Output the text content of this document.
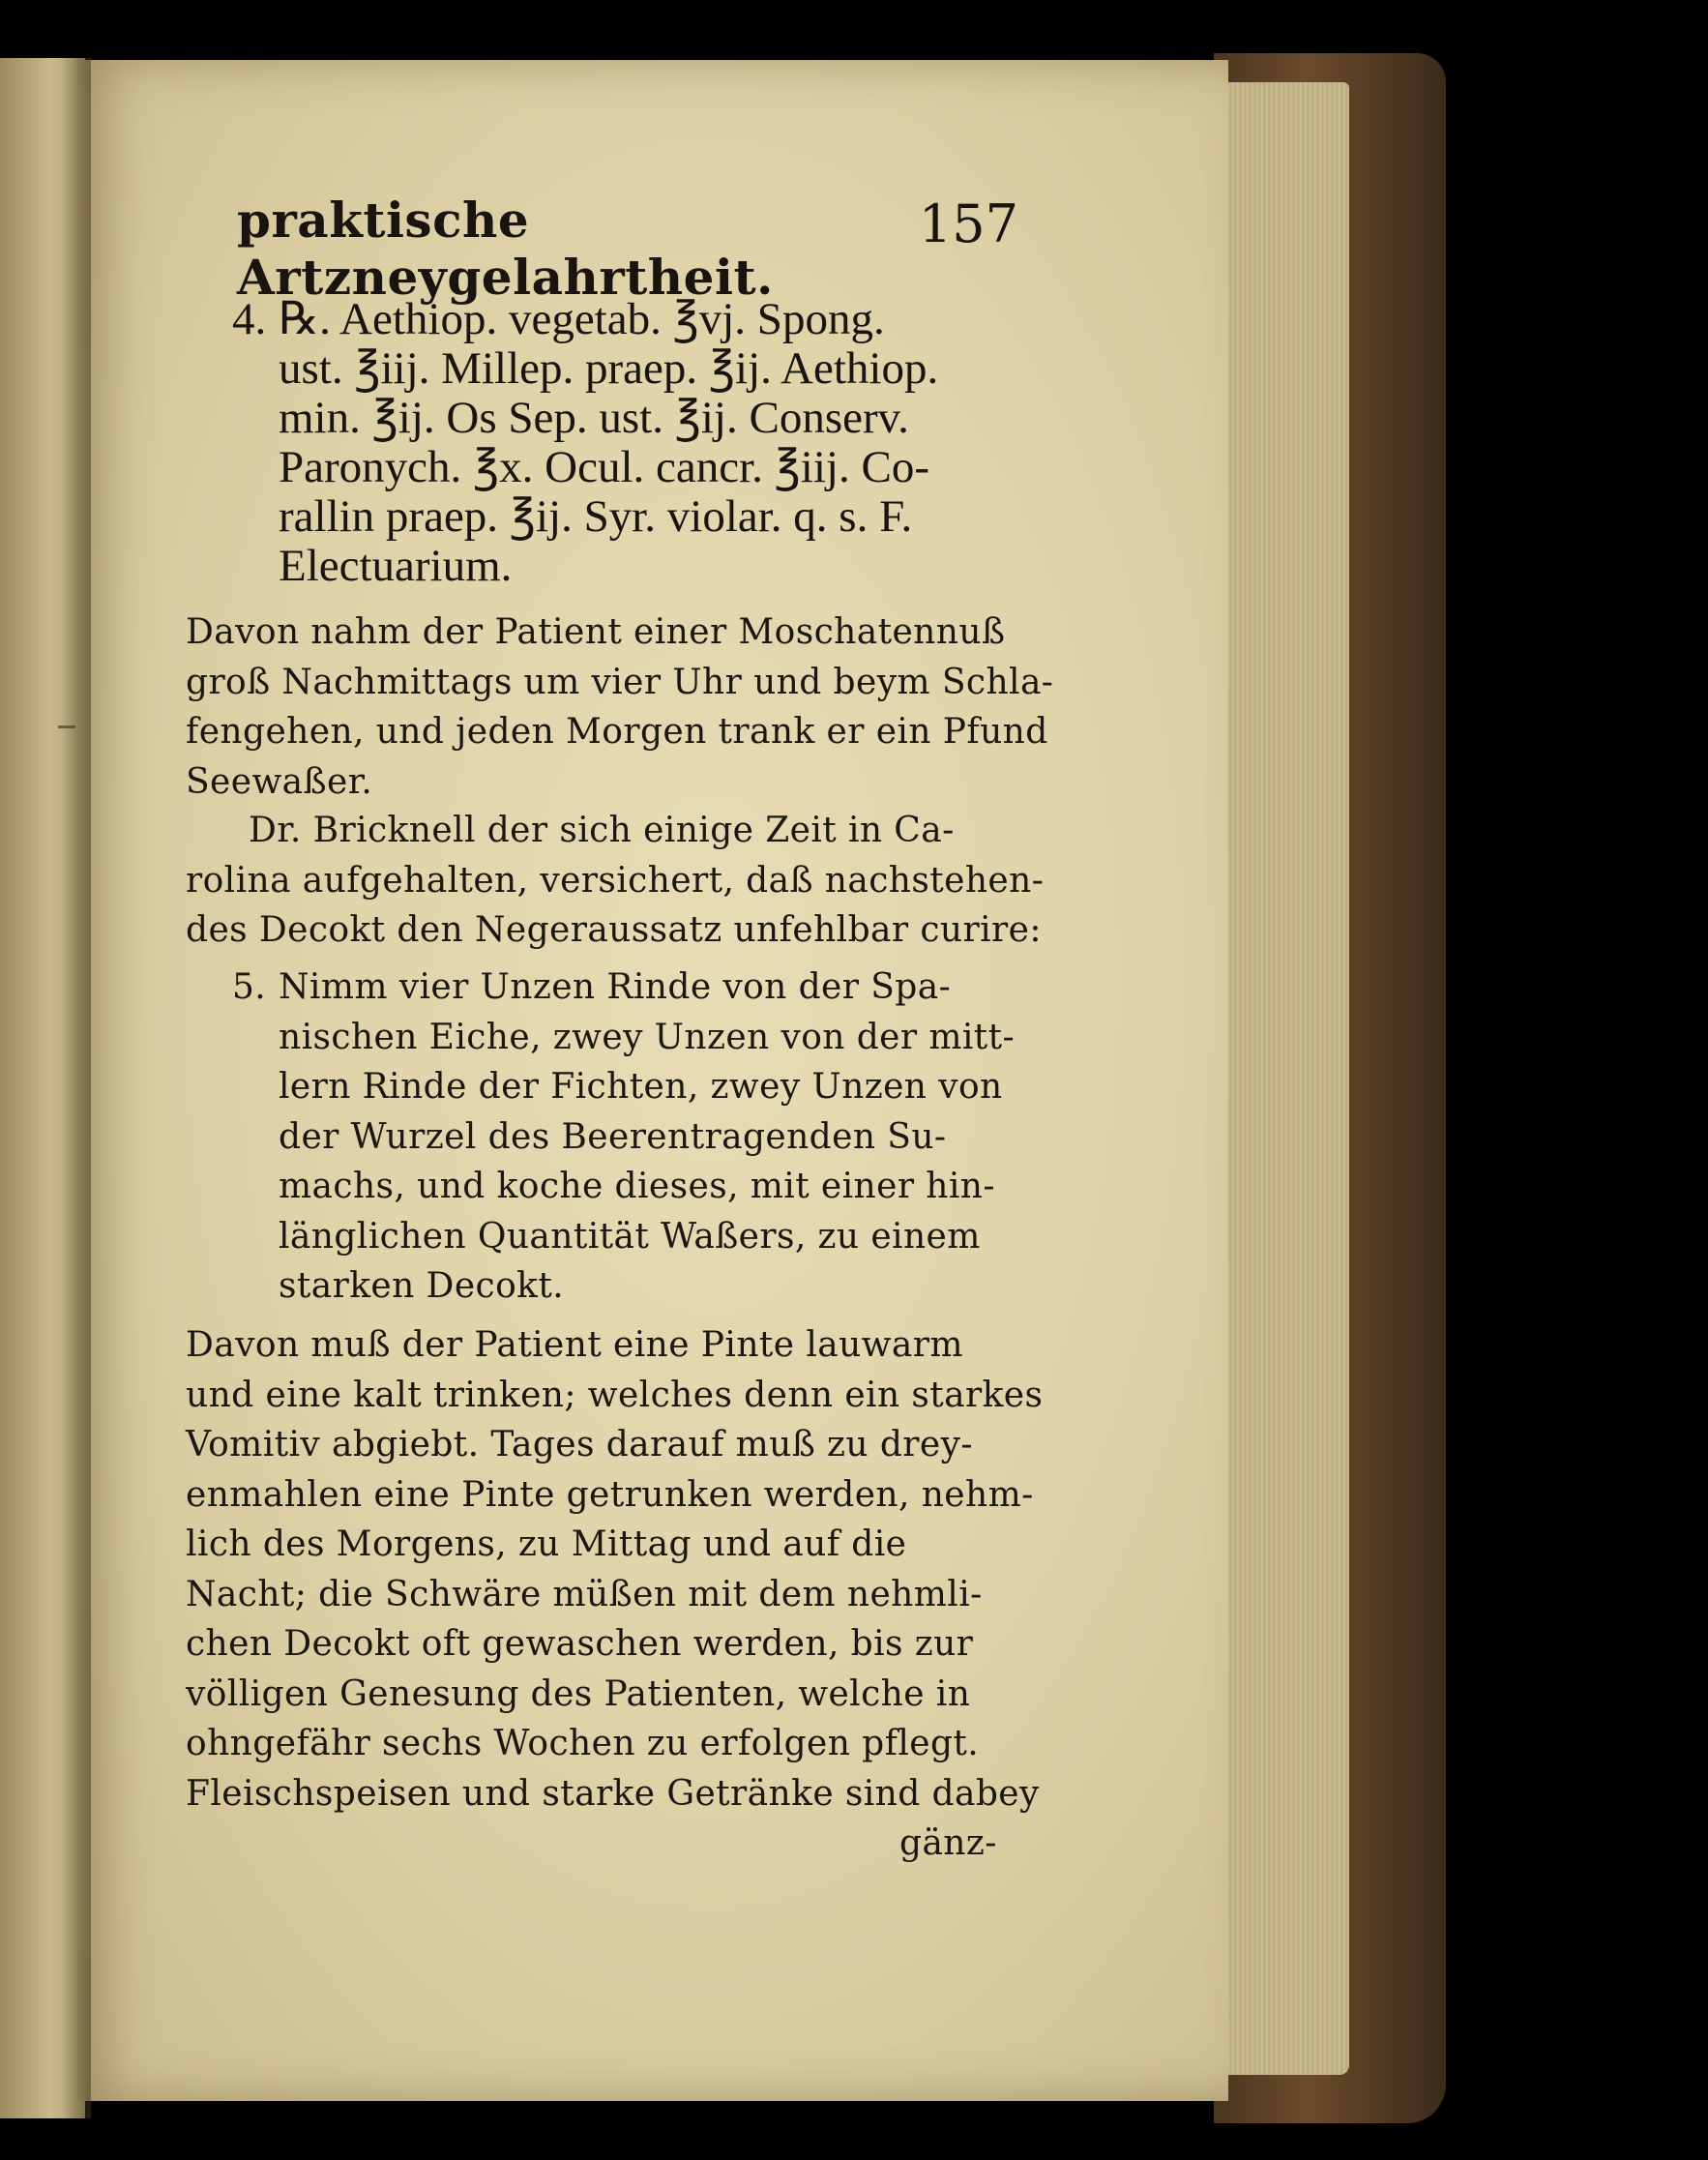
praktische Artzneygelahrtheit.
157
4. ℞. Aethiop. vegetab. ℥vj. Spong.
ust. ℥iij. Millep. praep. ℥ij. Aethiop.
min. ℥ij. Os Sep. ust. ℥ij. Conserv.
Paronych. ℥x. Ocul. cancr. ℥iij. Co-
rallin praep. ℥ij. Syr. violar. q. s. F.
Electuarium.
Davon nahm der Patient einer Moschatennuß
groß Nachmittags um vier Uhr und beym Schla-
fengehen, und jeden Morgen trank er ein Pfund
Seewaßer.
Dr. Bricknell der sich einige Zeit in Ca-
rolina aufgehalten, versichert, daß nachstehen-
des Decokt den Negeraussatz unfehlbar curire:
5. Nimm vier Unzen Rinde von der Spa-
nischen Eiche, zwey Unzen von der mitt-
lern Rinde der Fichten, zwey Unzen von
der Wurzel des Beerentragenden Su-
machs, und koche dieses, mit einer hin-
länglichen Quantität Waßers, zu einem
starken Decokt.
Davon muß der Patient eine Pinte lauwarm
und eine kalt trinken; welches denn ein starkes
Vomitiv abgiebt. Tages darauf muß zu drey-
enmahlen eine Pinte getrunken werden, nehm-
lich des Morgens, zu Mittag und auf die
Nacht; die Schwäre müßen mit dem nehmli-
chen Decokt oft gewaschen werden, bis zur
völligen Genesung des Patienten, welche in
ohngefähr sechs Wochen zu erfolgen pflegt.
Fleischspeisen und starke Getränke sind dabey
gänz-
